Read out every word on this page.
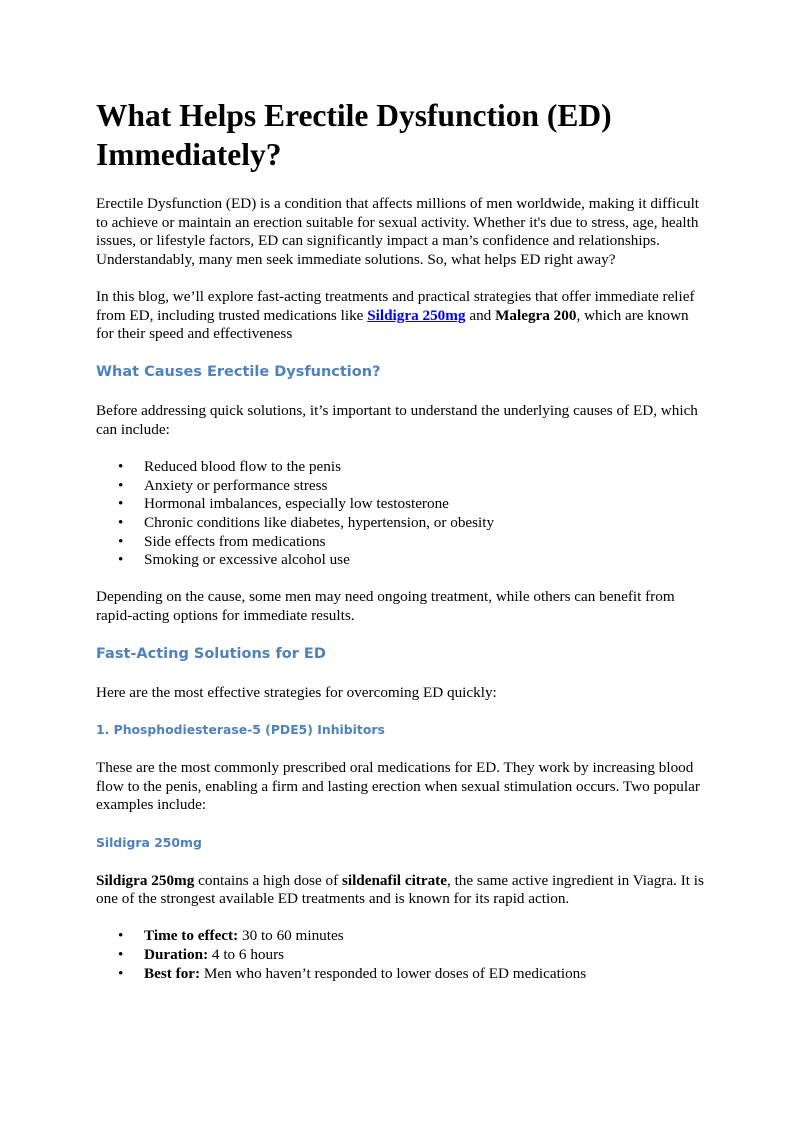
What Helps Erectile Dysfunction (ED) Immediately?

Erectile Dysfunction (ED) is a condition that affects millions of men worldwide, making it difficult to achieve or maintain an erection suitable for sexual activity. Whether it's due to stress, age, health issues, or lifestyle factors, ED can significantly impact a man’s confidence and relationships. Understandably, many men seek immediate solutions. So, what helps ED right away?

In this blog, we’ll explore fast-acting treatments and practical strategies that offer immediate relief from ED, including trusted medications like Sildigra 250mg and Malegra 200, which are known for their speed and effectiveness

What Causes Erectile Dysfunction?

Before addressing quick solutions, it’s important to understand the underlying causes of ED, which can include:

• Reduced blood flow to the penis
• Anxiety or performance stress
• Hormonal imbalances, especially low testosterone
• Chronic conditions like diabetes, hypertension, or obesity
• Side effects from medications
• Smoking or excessive alcohol use

Depending on the cause, some men may need ongoing treatment, while others can benefit from rapid-acting options for immediate results.

Fast-Acting Solutions for ED

Here are the most effective strategies for overcoming ED quickly:

1. Phosphodiesterase-5 (PDE5) Inhibitors

These are the most commonly prescribed oral medications for ED. They work by increasing blood flow to the penis, enabling a firm and lasting erection when sexual stimulation occurs. Two popular examples include:

Sildigra 250mg

Sildigra 250mg contains a high dose of sildenafil citrate, the same active ingredient in Viagra. It is one of the strongest available ED treatments and is known for its rapid action.

• Time to effect: 30 to 60 minutes
• Duration: 4 to 6 hours
• Best for: Men who haven’t responded to lower doses of ED medications
